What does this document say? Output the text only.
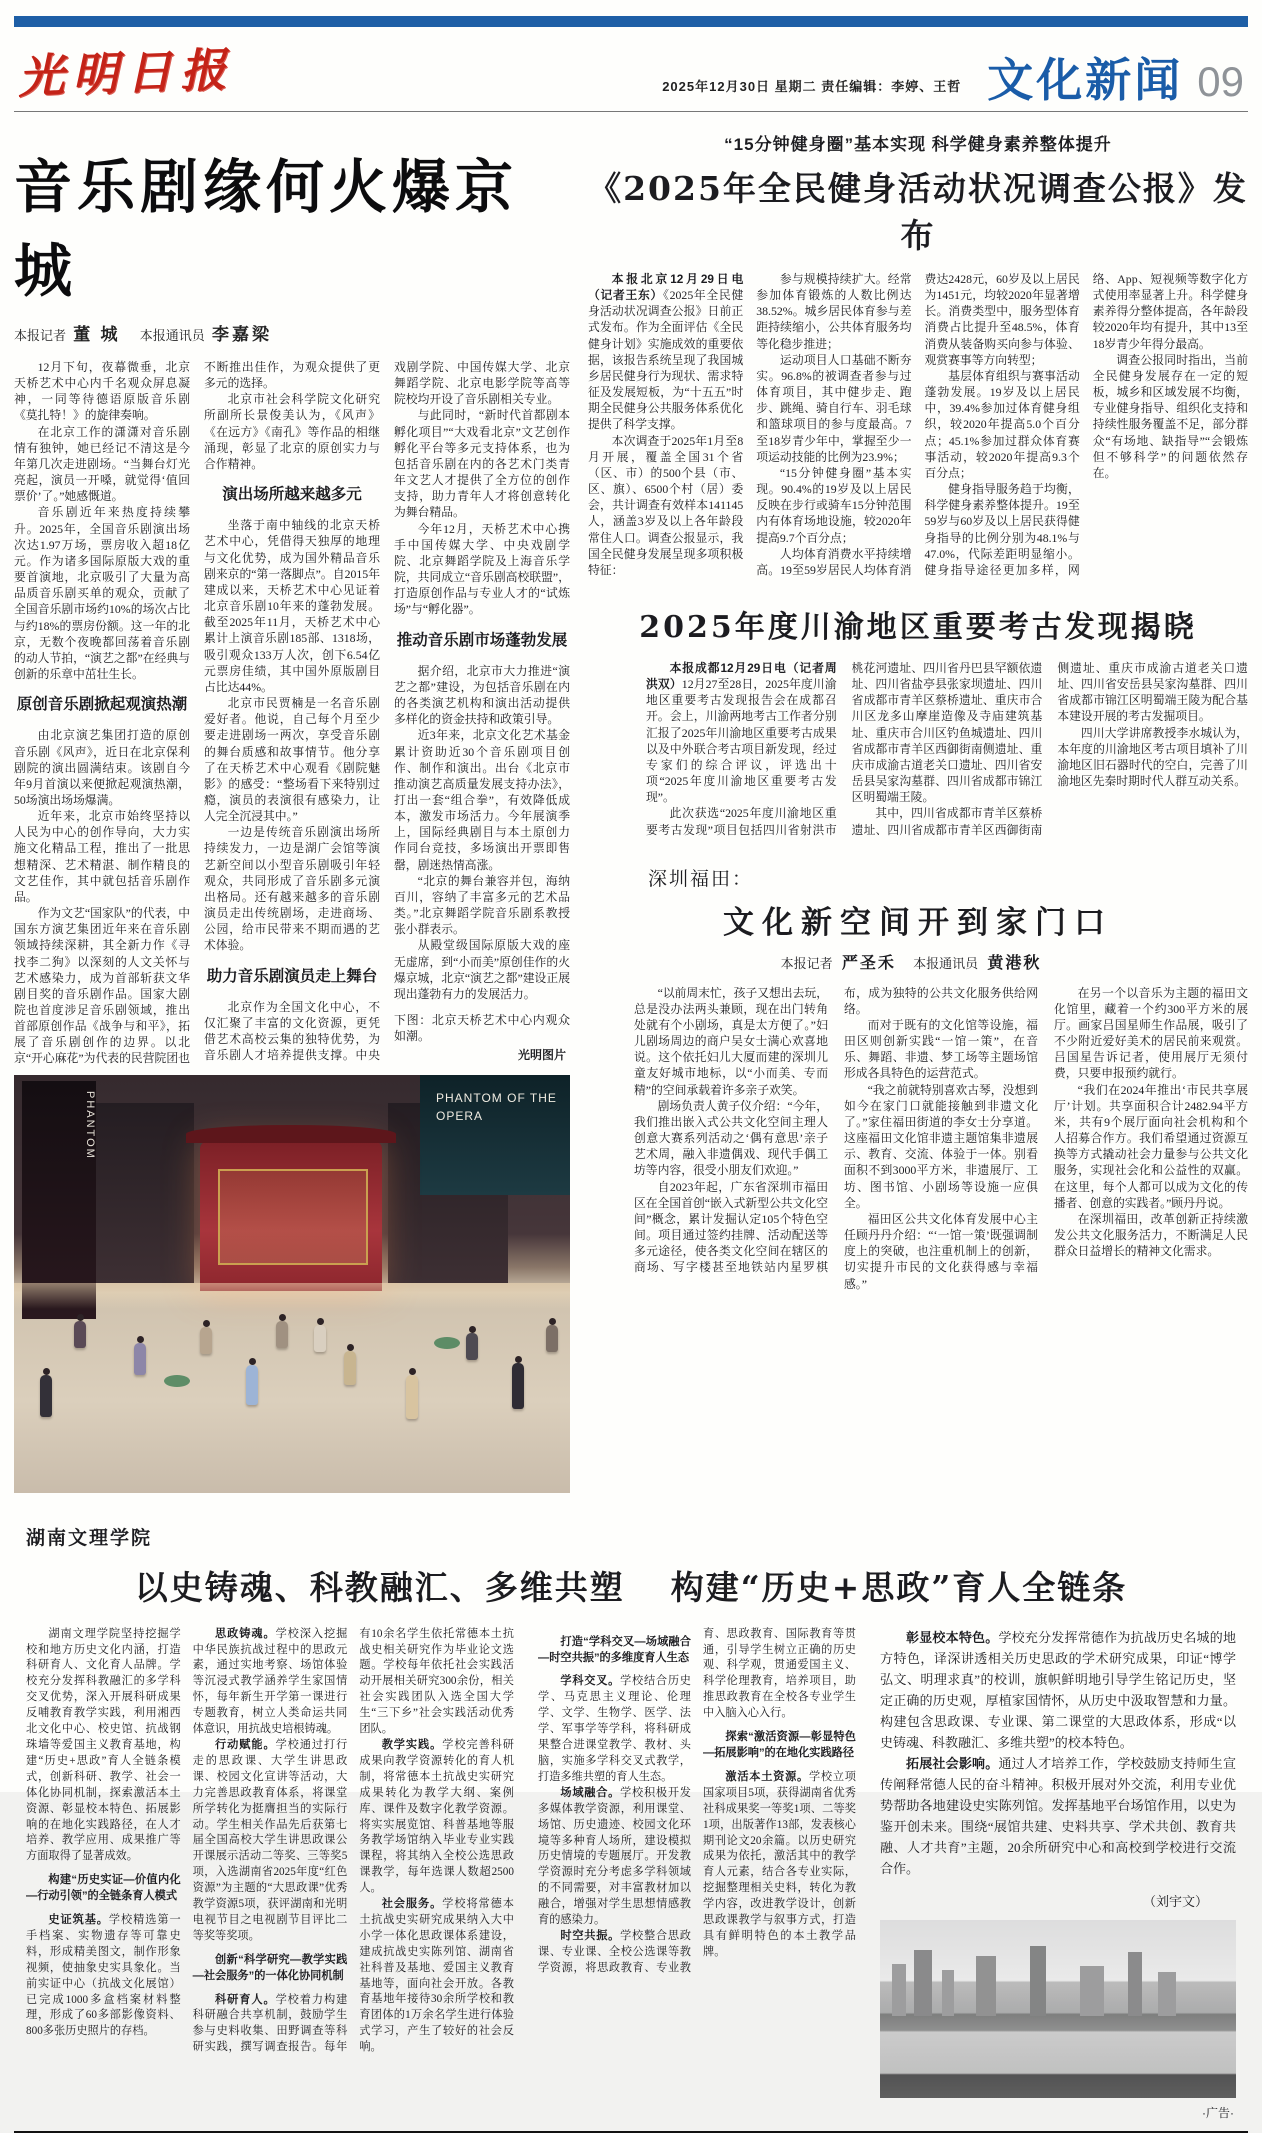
光明日报	2025年12月30日 星期二 责任编辑：李婷、王哲 文化新闻 09
音乐剧缘何火爆京城
本报记者 董 城 本报通讯员 李嘉梁

12月下旬，夜幕微垂，北京天桥艺术中心内千名观众屏息凝神，一同等待德语原版音乐剧《莫扎特！》的旋律奏响。

在北京工作的潇潇对音乐剧情有独钟，她已经记不清这是今年第几次走进剧场。“当舞台灯光亮起，演员一开嗓，就觉得‘值回票价’了。”她感慨道。

音乐剧近年来热度持续攀升。2025年，全国音乐剧演出场次达1.97万场，票房收入超18亿元。作为诸多国际原版大戏的重要首演地，北京吸引了大量为高品质音乐剧买单的观众，贡献了全国音乐剧市场约10%的场次占比与约18%的票房份额。这一年的北京，无数个夜晚都回荡着音乐剧的动人节拍，“演艺之都”在经典与创新的乐章中茁壮生长。

原创音乐剧掀起观演热潮

由北京演艺集团打造的原创音乐剧《风声》，近日在北京保利剧院的演出圆满结束。该剧自今年9月首演以来便掀起观演热潮，50场演出场场爆满。

近年来，北京市始终坚持以人民为中心的创作导向，大力实施文化精品工程，推出了一批思想精深、艺术精湛、制作精良的文艺佳作，其中就包括音乐剧作品。

作为文艺“国家队”的代表，中国东方演艺集团近年来在音乐剧领域持续深耕，其全新力作《寻找李二狗》以深刻的人文关怀与艺术感染力，成为首部斩获文华剧目奖的音乐剧作品。国家大剧院也首度涉足音乐剧领域，推出首部原创作品《战争与和平》，拓展了音乐剧创作的边界。以北京“开心麻花”为代表的民营院团也不断推出佳作，为观众提供了更多元的选择。

北京市社会科学院文化研究所副所长景俊美认为，《风声》《在远方》《南孔》等作品的相继涌现，彰显了北京的原创实力与合作精神。

演出场所越来越多元

坐落于南中轴线的北京天桥艺术中心，凭借得天独厚的地理与文化优势，成为国外精品音乐剧来京的“第一落脚点”。自2015年建成以来，天桥艺术中心见证着北京音乐剧10年来的蓬勃发展。截至2025年11月，天桥艺术中心累计上演音乐剧185部、1318场，吸引观众133万人次，创下6.54亿元票房佳绩，其中国外原版剧目占比达44%。

北京市民贾楠是一名音乐剧爱好者。他说，自己每个月至少要走进剧场一两次，享受音乐剧的舞台质感和故事情节。他分享了在天桥艺术中心观看《剧院魅影》的感受：“整场看下来特别过瘾，演员的表演很有感染力，让人完全沉浸其中。”

一边是传统音乐剧演出场所持续发力，一边是湖广会馆等演艺新空间以小型音乐剧吸引年轻观众，共同形成了音乐剧多元演出格局。还有越来越多的音乐剧演员走出传统剧场，走进商场、公园，给市民带来不期而遇的艺术体验。

助力音乐剧演员走上舞台

北京作为全国文化中心，不仅汇聚了丰富的文化资源，更凭借艺术高校云集的独特优势，为音乐剧人才培养提供支撑。中央戏剧学院、中国传媒大学、北京舞蹈学院、北京电影学院等高等院校均开设了音乐剧相关专业。

与此同时，“新时代首都剧本孵化项目”“大戏看北京”文艺创作孵化平台等多元支持体系，也为包括音乐剧在内的各艺术门类青年文艺人才提供了全方位的创作支持，助力青年人才将创意转化为舞台精品。

今年12月，天桥艺术中心携手中国传媒大学、中央戏剧学院、北京舞蹈学院及上海音乐学院，共同成立“音乐剧高校联盟”，打造原创作品与专业人才的“试炼场”与“孵化器”。

推动音乐剧市场蓬勃发展

据介绍，北京市大力推进“演艺之都”建设，为包括音乐剧在内的各类演艺机构和演出活动提供多样化的资金扶持和政策引导。

近3年来，北京文化艺术基金累计资助近30个音乐剧项目创作、制作和演出。出台《北京市推动演艺高质量发展支持办法》，打出一套“组合拳”，有效降低成本，激发市场活力。今年展演季上，国际经典剧目与本土原创力作同台竞技，多场演出开票即售罄，剧迷热情高涨。

“北京的舞台兼容并包，海纳百川，容纳了丰富多元的艺术品类。”北京舞蹈学院音乐剧系教授张小群表示。

从殿堂级国际原版大戏的座无虚席，到“小而美”原创佳作的火爆京城，北京“演艺之都”建设正展现出蓬勃有力的发展活力。

下图：北京天桥艺术中心内观众如潮。

光明图片

PHANTOM	PHANTOM OF THE OPERA
“15分钟健身圈”基本实现 科学健身素养整体提升
《2025年全民健身活动状况调查公报》发布

本报北京12月29日电（记者王东）《2025年全民健身活动状况调查公报》日前正式发布。作为全面评估《全民健身计划》实施成效的重要依据，该报告系统呈现了我国城乡居民健身行为现状、需求特征及发展短板，为“十五五”时期全民健身公共服务体系优化提供了科学支撑。

本次调查于2025年1月至8月开展，覆盖全国31个省（区、市）的500个县（市、区、旗）、6500个村（居）委会，共计调查有效样本141145人，涵盖3岁及以上各年龄段常住人口。调查公报显示，我国全民健身发展呈现多项积极特征：

参与规模持续扩大。经常参加体育锻炼的人数比例达38.52%。城乡居民体育参与差距持续缩小，公共体育服务均等化稳步推进；

运动项目人口基础不断夯实。96.8%的被调查者参与过体育项目，其中健步走、跑步、跳绳、骑自行车、羽毛球和篮球项目的参与度最高。7至18岁青少年中，掌握至少一项运动技能的比例为23.9%；

“15分钟健身圈”基本实现。90.4%的19岁及以上居民反映在步行或骑车15分钟范围内有体育场地设施，较2020年提高9.7个百分点；

人均体育消费水平持续增高。19至59岁居民人均体育消费达2428元，60岁及以上居民为1451元，均较2020年显著增长。消费类型中，服务型体育消费占比提升至48.5%，体育消费从装备购买向参与体验、观赏赛事等方向转型；

基层体育组织与赛事活动蓬勃发展。19岁及以上居民中，39.4%参加过体育健身组织，较2020年提高5.0个百分点；45.1%参加过群众体育赛事活动，较2020年提高9.3个百分点；

健身指导服务趋于均衡，科学健身素养整体提升。19至59岁与60岁及以上居民获得健身指导的比例分别为48.1%与47.0%，代际差距明显缩小。健身指导途径更加多样，网络、App、短视频等数字化方式使用率显著上升。科学健身素养得分整体提高，各年龄段较2020年均有提升，其中13至18岁青少年得分最高。

调查公报同时指出，当前全民健身发展存在一定的短板，城乡和区域发展不均衡，专业健身指导、组织化支持和持续性服务覆盖不足，部分群众“有场地、缺指导”“会锻炼但不够科学”的问题依然存在。

2025年度川渝地区重要考古发现揭晓

本报成都12月29日电（记者周洪双）12月27至28日，2025年度川渝地区重要考古发现报告会在成都召开。会上，川渝两地考古工作者分别汇报了2025年川渝地区重要考古成果以及中外联合考古项目新发现，经过专家们的综合评议，评选出十项“2025年度川渝地区重要考古发现”。

此次获选“2025年度川渝地区重要考古发现”项目包括四川省射洪市桃花河遗址、四川省丹巴县罕额依遗址、四川省盐亭县张家坝遗址、四川省成都市青羊区蔡桥遗址、重庆市合川区龙多山摩崖造像及寺庙建筑基址、重庆市合川区钓鱼城遗址、四川省成都市青羊区西御街南侧遗址、重庆市成渝古道老关口遗址、四川省安岳县吴家沟墓群、四川省成都市锦江区明蜀端王陵。

其中，四川省成都市青羊区蔡桥遗址、四川省成都市青羊区西御街南侧遗址、重庆市成渝古道老关口遗址、四川省安岳县吴家沟墓群、四川省成都市锦江区明蜀端王陵为配合基本建设开展的考古发掘项目。

四川大学讲席教授李水城认为，本年度的川渝地区考古项目填补了川渝地区旧石器时代的空白，完善了川渝地区先秦时期时代人群互动关系。

深圳福田：
文化新空间开到家门口
本报记者 严圣禾 本报通讯员 黄港秋

“以前周末忙，孩子又想出去玩，总是没办法两头兼顾，现在出门转角处就有个小剧场，真是太方便了。”妇儿剧场周边的商户吴女士满心欢喜地说。这个依托妇儿大厦而建的深圳儿童友好城市地标，以“小而美、专而精”的空间承载着许多亲子欢笑。

剧场负责人黄子仪介绍：“今年，我们推出嵌入式公共文化空间主理人创意大赛系列活动之‘偶有意思’亲子艺术周，融入非遗偶戏、现代手偶工坊等内容，很受小朋友们欢迎。”

自2023年起，广东省深圳市福田区在全国首创“嵌入式新型公共文化空间”概念，累计发掘认定105个特色空间。项目通过签约挂牌、活动配送等多元途径，使各类文化空间在辖区的商场、写字楼甚至地铁站内星罗棋布，成为独特的公共文化服务供给网络。

而对于既有的文化馆等设施，福田区则创新实践“一馆一策”，在音乐、舞蹈、非遗、梦工场等主题场馆形成各具特色的运营范式。

“我之前就特别喜欢古琴，没想到如今在家门口就能接触到非遗文化了。”家住福田街道的李女士分享道。这座福田文化馆非遗主题馆集非遗展示、教育、交流、体验于一体。别看面积不到3000平方米，非遗展厅、工坊、图书馆、小剧场等设施一应俱全。

福田区公共文化体育发展中心主任顾丹丹介绍：“‘一馆一策’既强调制度上的突破，也注重机制上的创新，切实提升市民的文化获得感与幸福感。”

在另一个以音乐为主题的福田文化馆里，藏着一个约300平方米的展厅。画家吕国星师生作品展，吸引了不少附近爱好美术的居民前来观赏。吕国星告诉记者，使用展厅无须付费，只要申报预约就行。

“我们在2024年推出‘市民共享展厅’计划。共享面积合计2482.94平方米，共有9个展厅面向社会机构和个人招募合作方。我们希望通过资源互换等方式撬动社会力量参与公共文化服务，实现社会化和公益性的双赢。在这里，每个人都可以成为文化的传播者、创意的实践者。”顾丹丹说。

在深圳福田，改革创新正持续激发公共文化服务活力，不断满足人民群众日益增长的精神文化需求。

湖南文理学院
以史铸魂、科教融汇、多维共塑 构建“历史+思政”育人全链条

湖南文理学院坚持挖掘学校和地方历史文化内涵，打造科研育人、文化育人品牌。学校充分发挥科教融汇的多学科交叉优势，深入开展科研成果反哺教育教学实践，利用湘西北文化中心、校史馆、抗战钢珠墙等爱国主义教育基地，构建“历史+思政”育人全链条模式，创新科研、教学、社会一体化协同机制，探索激活本土资源、彰显校本特色、拓展影响的在地化实践路径，在人才培养、教学应用、成果推广等方面取得了显著成效。

构建“历史实证—价值内化—行动引领”的全链条育人模式

史证筑基。学校精选第一手档案、实物遗存等可靠史料，形成精美图文，制作形象视频，使抽象史实具象化。当前实证中心（抗战文化展馆）已完成1000多盒档案材料整理，形成了60多部影像资料、800多张历史照片的存档。

思政铸魂。学校深入挖掘中华民族抗战过程中的思政元素，通过实地考察、场馆体验等沉浸式教学涵养学生家国情怀，每年新生开学第一课进行专题教育，树立人类命运共同体意识，用抗战史培根铸魂。

行动赋能。学校通过打行走的思政课、大学生讲思政课、校园文化宣讲等活动，大力完善思政教育体系，将课堂所学转化为挺膺担当的实际行动。学生相关作品先后获第七届全国高校大学生讲思政课公开课展示活动二等奖、三等奖5项，入选湖南省2025年度“红色资源”为主题的“大思政课”优秀教学资源5项，获评湖南和光明电视节目之电视剧节目评比二等奖等奖项。

创新“科学研究—教学实践—社会服务”的一体化协同机制

科研育人。学校着力构建科研融合共享机制，鼓励学生参与史料收集、田野调查等科研实践，撰写调查报告。每年有10余名学生依托常德本土抗战史相关研究作为毕业论文选题。学校每年依托社会实践活动开展相关研究300余份，相关社会实践团队入选全国大学生“三下乡”社会实践活动优秀团队。

教学实践。学校完善科研成果向教学资源转化的育人机制，将常德本土抗战史实研究成果转化为教学大纲、案例库、课件及数字化教学资源。将实实展览馆、科普基地等服务教学场馆纳入毕业专业实践课程，将其纳入全校公选思政课教学，每年选课人数超2500人。

社会服务。学校将常德本土抗战史实研究成果纳入大中小学一体化思政课体系建设，建成抗战史实陈列馆、湖南省社科普及基地、爱国主义教育基地等，面向社会开放。各教育基地年接待30余所学校和教育团体的1万余名学生进行体验式学习，产生了较好的社会反响。

打造“学科交叉—场域融合—时空共振”的多维度育人生态

学科交叉。学校结合历史学、马克思主义理论、伦理学、文学、生物学、医学、法学、军事学等学科，将科研成果整合进课堂教学、教材、头脑，实施多学科交叉式教学，打造多维共塑的育人生态。

场域融合。学校积极开发多媒体教学资源，利用课堂、场馆、历史遗迹、校园文化环境等多种育人场所，建设模拟历史情境的专题展厅。开发教学资源时充分考虑多学科领域的不同需要，对丰富教材加以融合，增强对学生思想情感教育的感染力。

时空共振。学校整合思政课、专业课、全校公选课等教学资源，将思政教育、专业教育、思政教育、国际教育等贯通，引导学生树立正确的历史观、科学观，贯通爱国主义、科学伦理教育，培养项目，助推思政教育在全校各专业学生中入脑入心入行。

探索“激活资源—彰显特色—拓展影响”的在地化实践路径

激活本土资源。学校立项国家项目5项，获得湖南省优秀社科成果奖一等奖1项、二等奖1项，出版著作13部，发表核心期刊论文20余篇。以历史研究成果为依托，激活其中的教学育人元素，结合各专业实际，挖掘整理相关史料，转化为教学内容，改进教学设计，创新思政课教学与叙事方式，打造具有鲜明特色的本土教学品牌。

彰显校本特色。学校充分发挥常德作为抗战历史名城的地方特色，译深讲透相关历史思政的学术研究成果，印证“博学弘文、明理求真”的校训，旗帜鲜明地引导学生铭记历史，坚定正确的历史观，厚植家国情怀，从历史中汲取智慧和力量。构建包含思政课、专业课、第二课堂的大思政体系，形成“以史铸魂、科教融汇、多维共塑”的校本特色。

拓展社会影响。通过人才培养工作，学校鼓励支持师生宣传阐释常德人民的奋斗精神。积极开展对外交流，利用专业优势帮助各地建设史实陈列馆。发挥基地平台场馆作用，以史为鉴开创未来。围绕“展馆共建、史料共享、学术共创、教育共融、人才共育”主题，20余所研究中心和高校到学校进行交流合作。

（刘宇文）

·广告·
